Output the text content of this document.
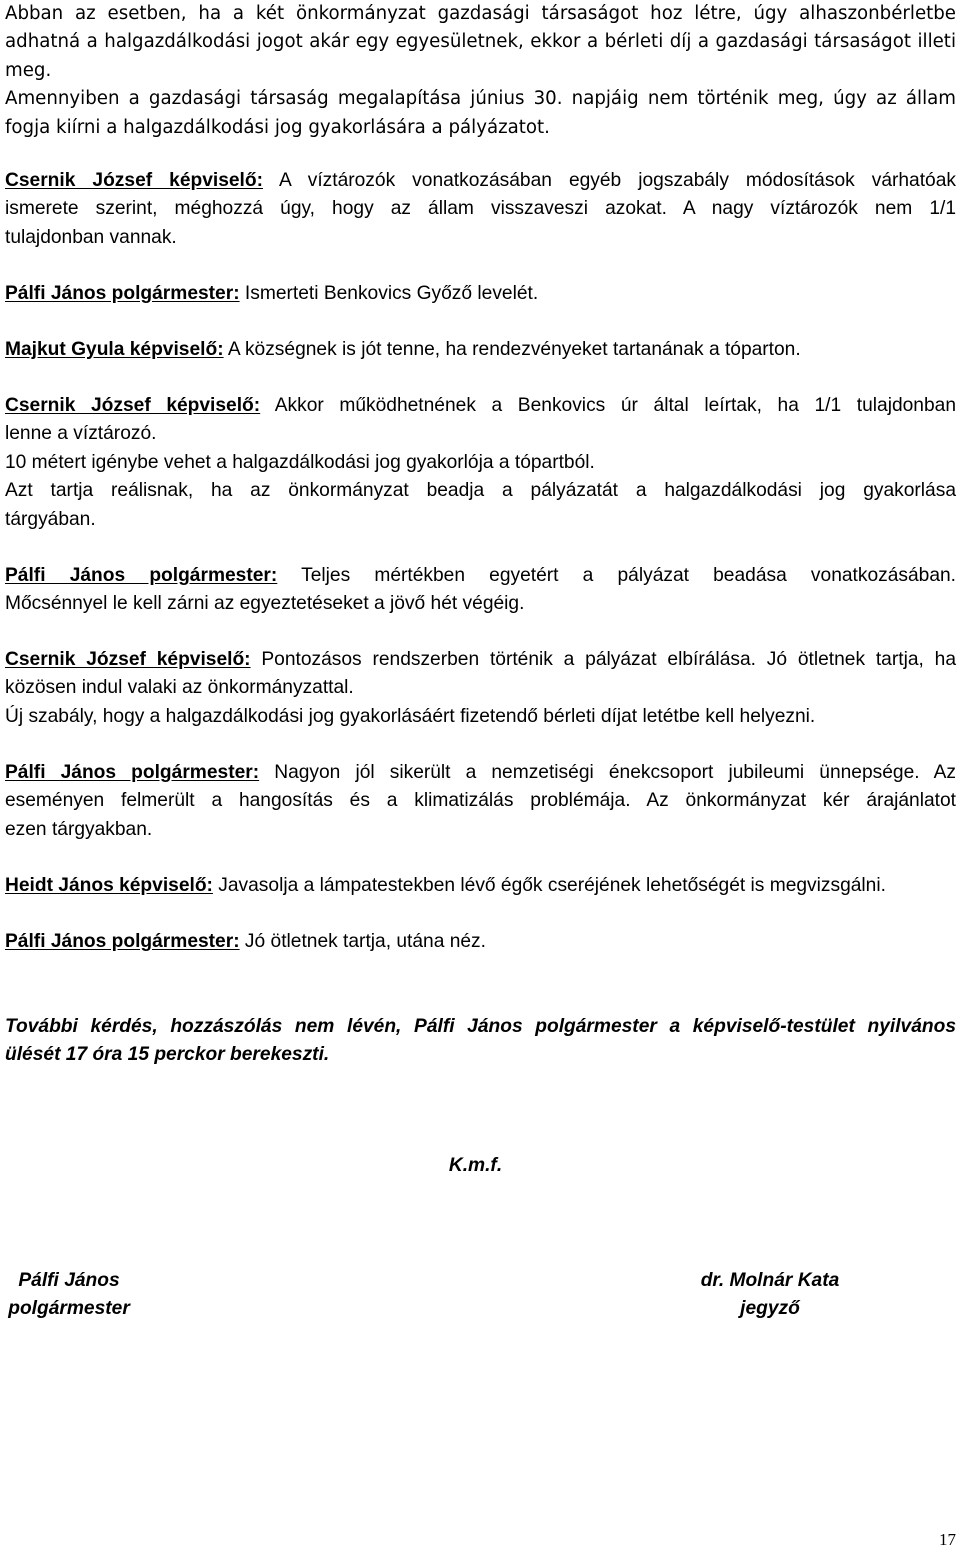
Abban az esetben, ha a két önkormányzat gazdasági társaságot hoz létre, úgy alhaszonbérletbe
adhatná a halgazdálkodási jogot akár egy egyesületnek, ekkor a bérleti díj a gazdasági társaságot illeti
meg.
Amennyiben a gazdasági társaság megalapítása június 30. napjáig nem történik meg, úgy az állam
fogja kiírni a halgazdálkodási jog gyakorlására a pályázatot.
Csernik József képviselő: A víztározók vonatkozásában egyéb jogszabály módosítások várhatóak
ismerete szerint, méghozzá úgy, hogy az állam visszaveszi azokat. A nagy víztározók nem 1/1
tulajdonban vannak.
Pálfi János polgármester: Ismerteti Benkovics Győző levelét.
Majkut Gyula képviselő: A községnek is jót tenne, ha rendezvényeket tartanának a tóparton.
Csernik József képviselő: Akkor működhetnének a Benkovics úr által leírtak, ha 1/1 tulajdonban
lenne a víztározó.
10 métert igénybe vehet a halgazdálkodási jog gyakorlója a tópartból.
Azt tartja reálisnak, ha az önkormányzat beadja a pályázatát a halgazdálkodási jog gyakorlása
tárgyában.
Pálfi János polgármester: Teljes mértékben egyetért a pályázat beadása vonatkozásában.
Mőcsénnyel le kell zárni az egyeztetéseket a jövő hét végéig.
Csernik József képviselő: Pontozásos rendszerben történik a pályázat elbírálása. Jó ötletnek tartja, ha
közösen indul valaki az önkormányzattal.
Új szabály, hogy a halgazdálkodási jog gyakorlásáért fizetendő bérleti díjat letétbe kell helyezni.
Pálfi János polgármester: Nagyon jól sikerült a nemzetiségi énekcsoport jubileumi ünnepsége. Az
eseményen felmerült a hangosítás és a klimatizálás problémája. Az önkormányzat kér árajánlatot
ezen tárgyakban.
Heidt János képviselő: Javasolja a lámpatestekben lévő égők cseréjének lehetőségét is megvizsgálni.
Pálfi János polgármester: Jó ötletnek tartja, utána néz.
További kérdés, hozzászólás nem lévén, Pálfi János polgármester a képviselő-testület nyilvános
ülését 17 óra 15 perckor berekeszti.
K.m.f.
Pálfi János
polgármester
dr. Molnár Kata
jegyző
17
